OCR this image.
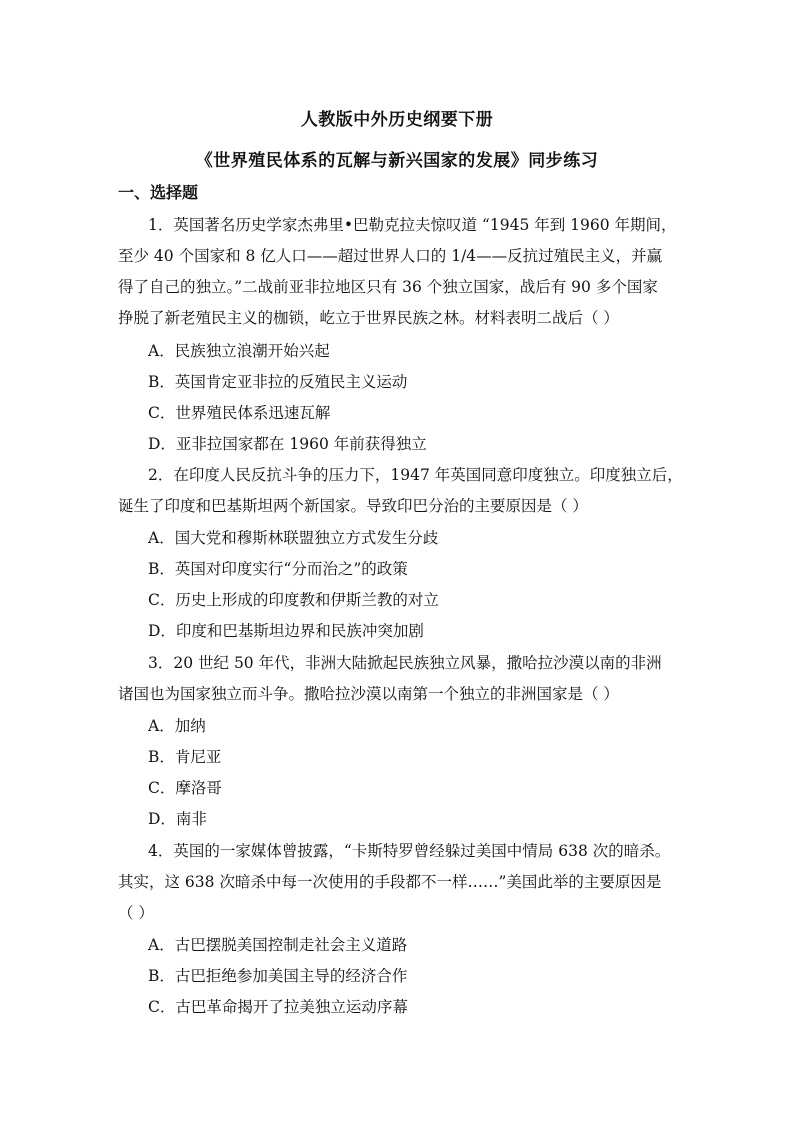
人教版中外历史纲要下册
《世界殖民体系的瓦解与新兴国家的发展》同步练习
一、选择题
1．英国著名历史学家杰弗里•巴勒克拉夫惊叹道 “1945 年到 1960 年期间，
至少 40 个国家和 8 亿人口——超过世界人口的 1/4——反抗过殖民主义，并赢
得了自己的独立。”二战前亚非拉地区只有 36 个独立国家，战后有 90 多个国家
挣脱了新老殖民主义的枷锁，屹立于世界民族之林。材料表明二战后（ ）
A．民族独立浪潮开始兴起
B．英国肯定亚非拉的反殖民主义运动
C．世界殖民体系迅速瓦解
D．亚非拉国家都在 1960 年前获得独立
2．在印度人民反抗斗争的压力下，1947 年英国同意印度独立。印度独立后，
诞生了印度和巴基斯坦两个新国家。导致印巴分治的主要原因是（ ）
A．国大党和穆斯林联盟独立方式发生分歧
B．英国对印度实行“分而治之”的政策
C．历史上形成的印度教和伊斯兰教的对立
D．印度和巴基斯坦边界和民族冲突加剧
3．20 世纪 50 年代，非洲大陆掀起民族独立风暴，撒哈拉沙漠以南的非洲
诸国也为国家独立而斗争。撒哈拉沙漠以南第一个独立的非洲国家是（ ）
A．加纳
B．肯尼亚
C．摩洛哥
D．南非
4．英国的一家媒体曾披露，“卡斯特罗曾经躲过美国中情局 638 次的暗杀。
其实，这 638 次暗杀中每一次使用的手段都不一样……”美国此举的主要原因是
（ ）
A．古巴摆脱美国控制走社会主义道路
B．古巴拒绝参加美国主导的经济合作
C．古巴革命揭开了拉美独立运动序幕
